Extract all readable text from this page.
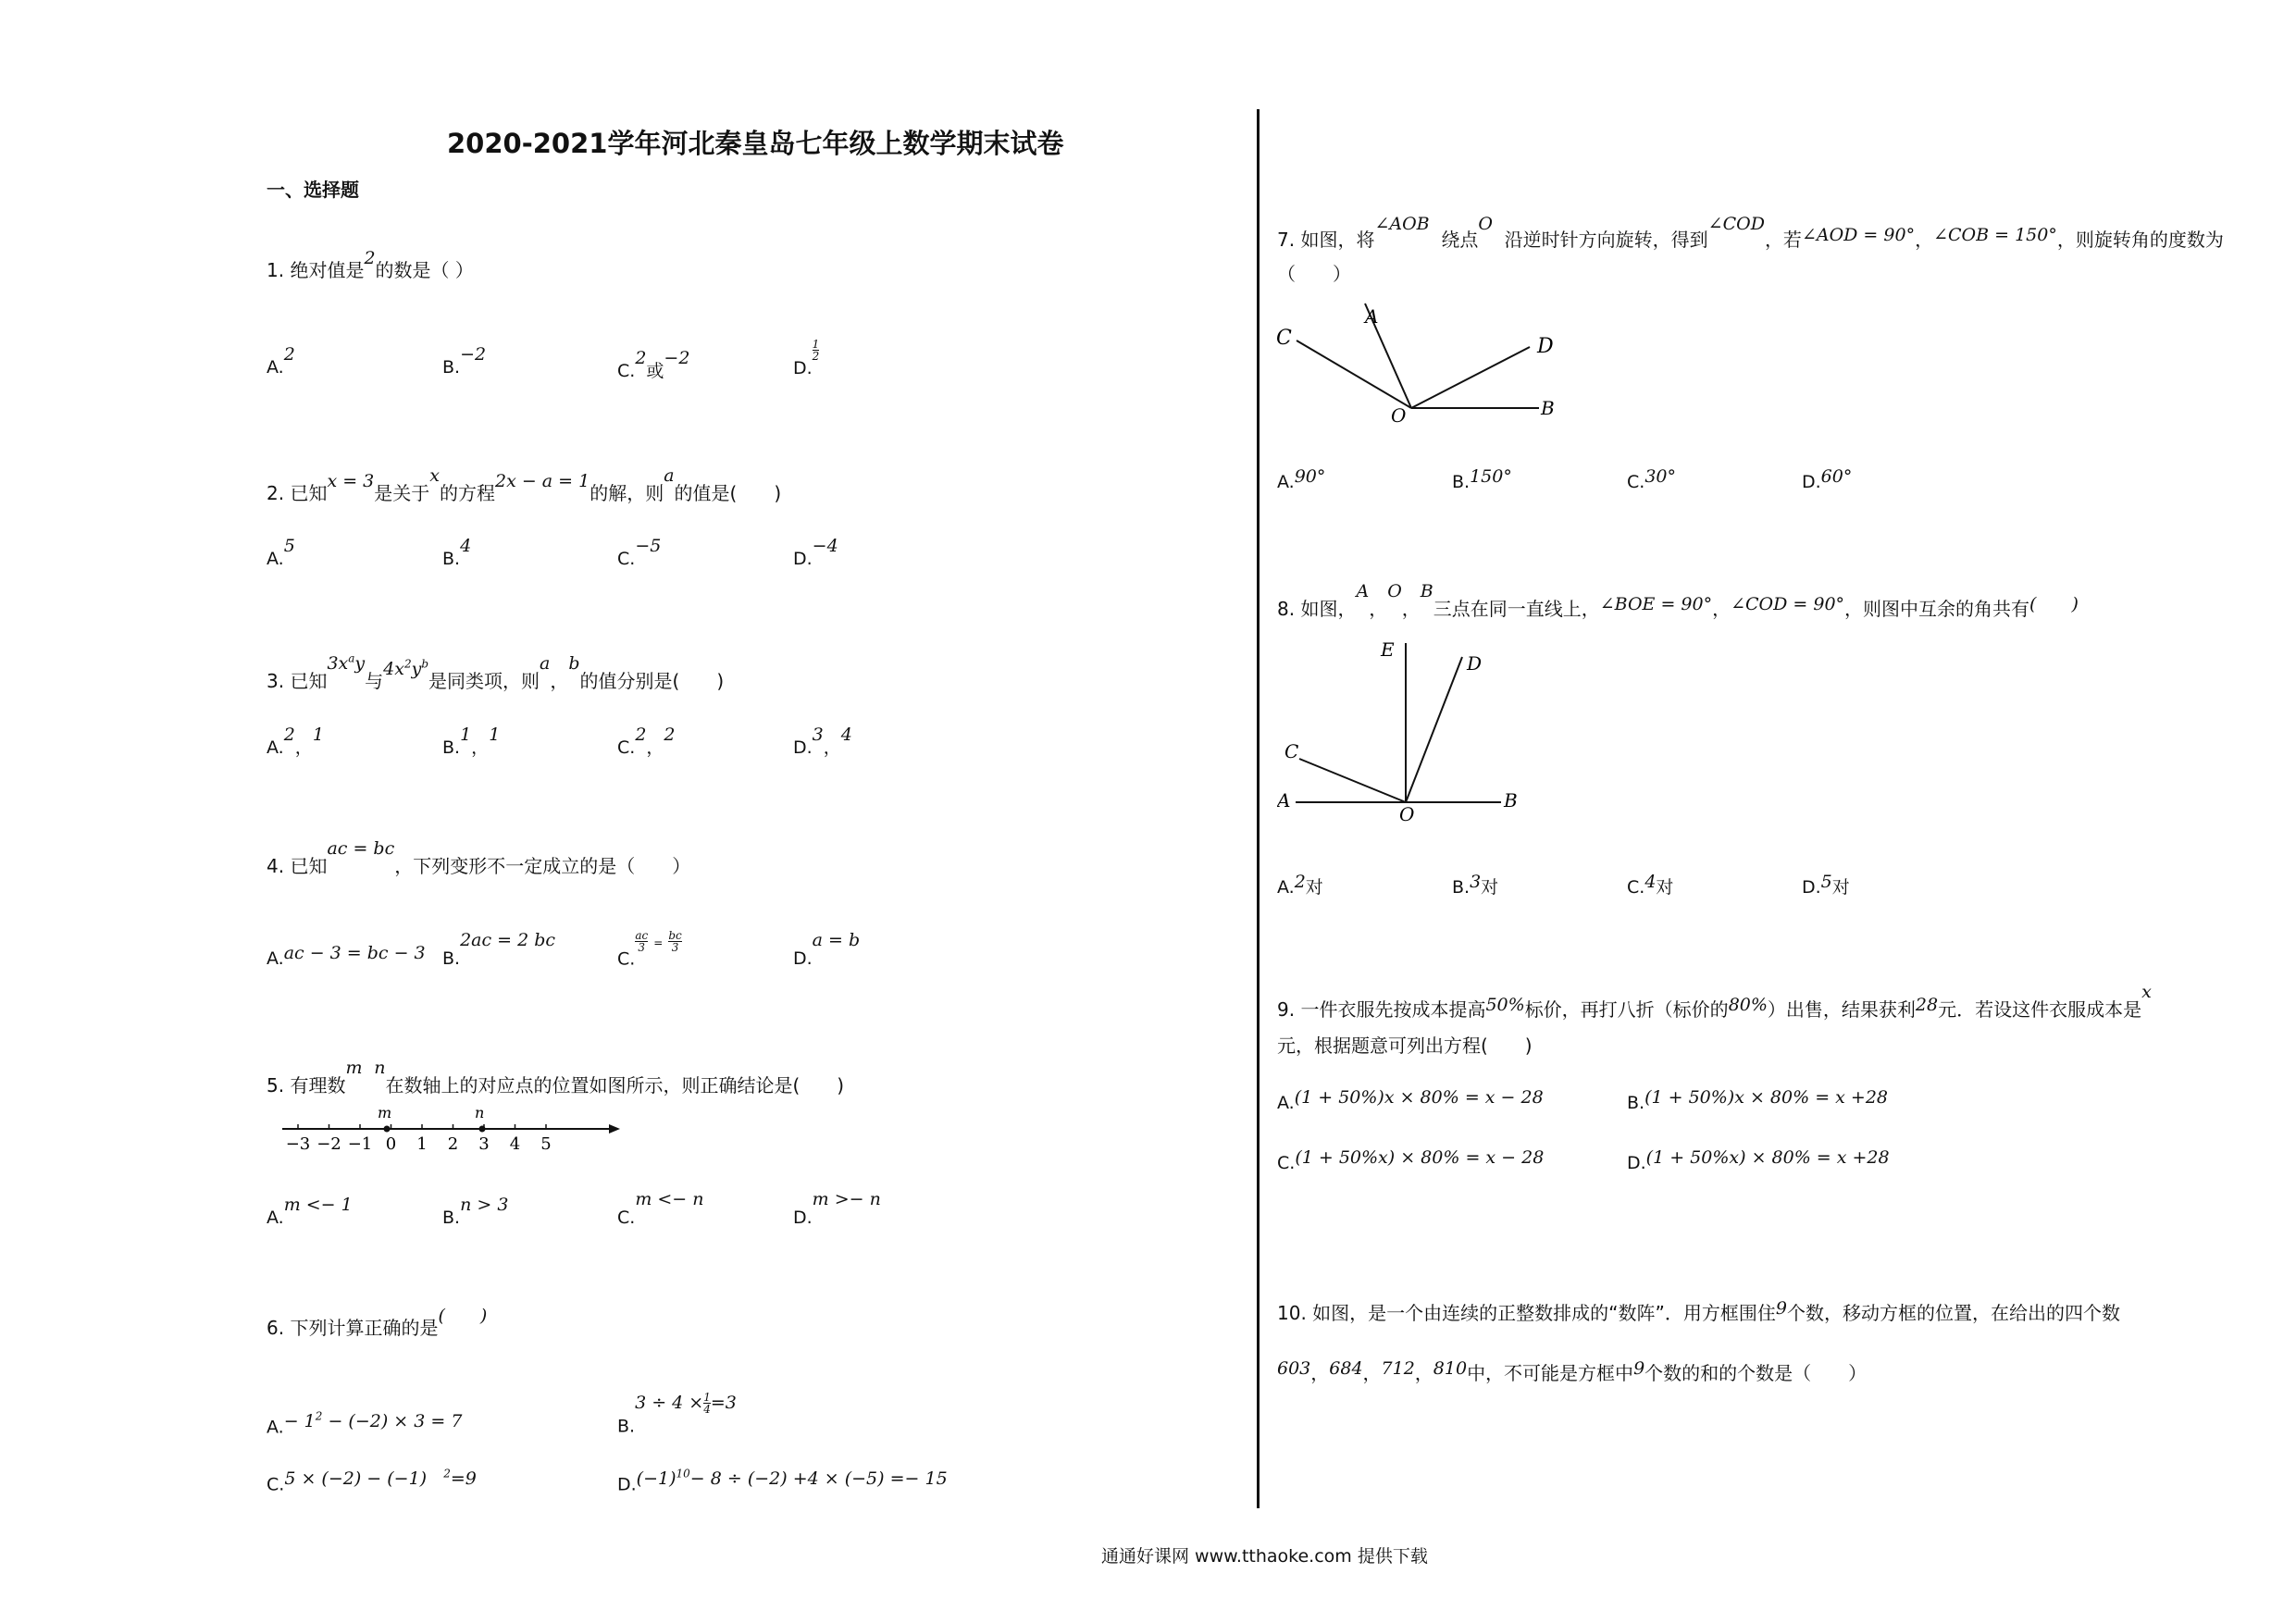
2020-2021学年河北秦皇岛七年级上数学期末试卷
一、选择题
1. 绝对值是2的数是（ ）
A.2
B.−2
C.2或−2	D.
$\frac{1}{2}$
2. 已知x = 3是关于x的方程2x − a = 1的解，则a的值是(　　)
A.5
B.4
C.−5
D.−4
3. 已知$3x^ay$与$4x^2y^b$是同类项，则a，b的值分别是(　　)
A.2，1
B.1，1
C.2，2
D.3，4
4. 已知ac = bc，下列变形不一定成立的是（　　）
A.ac − 3 = bc − 3 B.2ac = 2 bc
C.
$\frac{ac}{3} = \frac{bc}{3}$
D.a = b
5. 有理数m n在数轴上的对应点的位置如图所示，则正确结论是(　　)
−3 −2 −1 0 1 2 3 4 5
m	n
A.m <− 1
B.n > 3
C.m <− n
D.m >− n
6. 下列计算正确的是(　　)
$A.- 1^2 - (-2) \times 3 = 7$	$B.3 \div 4 \times \frac{1}{4} =3$
C.5 × (−2) − (−1) $^2$=9	$D.(-1)^{10}- 8 \div (-2) +4 \times (-5) =- 15$
7. 如图，将∠AOB  绕点O  沿逆时针方向旋转，得到∠COD，若∠AOD = 90°，∠COB = 150°，则旋转角的度数为
（　　）
C
A
D
B
O
A.90°	B.150°	C.30°	D.60°
8. 如图，A，O，B三点在同一直线上，∠BOE = 90°，∠COD = 90°，则图中互余的角共有(　　)
E
D
C
A
O
B
A.2对	B.3对	C.4对	D.5对
9. 一件衣服先按成本提高50%标价，再打八折（标价的80%）出售，结果获利28元．若设这件衣服成本是x
元，根据题意可列出方程(　　)
A.(1 + 50%)x × 80% = x − 28	B.(1 + 50%)x × 80% = x +28
C.(1 + 50%x) × 80% = x − 28	D.(1 + 50%x) × 80% = x +28
10. 如图，是一个由连续的正整数排成的“数阵”．用方框围住9个数，移动方框的位置，在给出的四个数
603，684，712，810中，不可能是方框中9个数的和的个数是（　　）
通通好课网 www.tthaoke.com 提供下载
